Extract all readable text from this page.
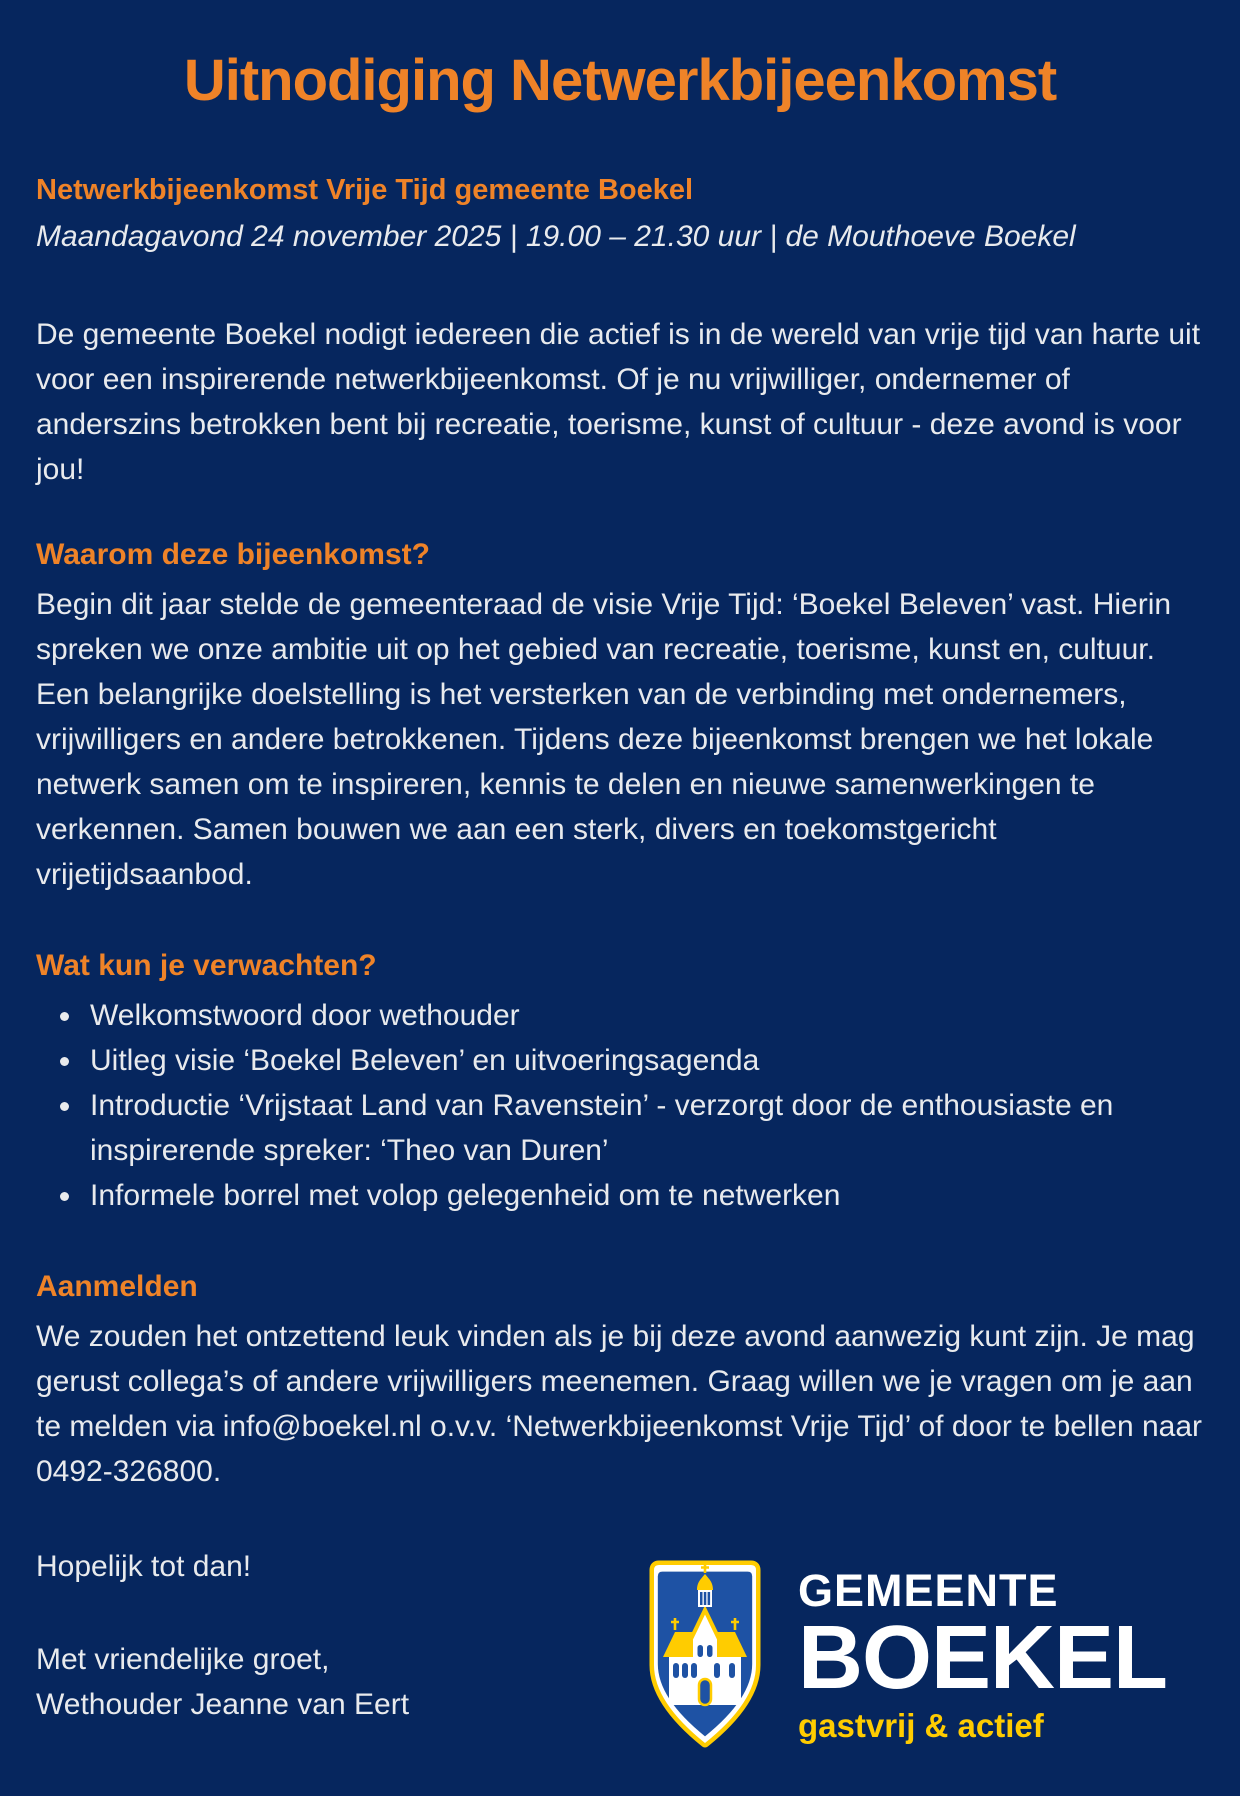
Uitnodiging Netwerkbijeenkomst
Netwerkbijeenkomst Vrije Tijd gemeente Boekel
Maandagavond 24 november 2025 | 19.00 – 21.30 uur | de Mouthoeve Boekel

De gemeente Boekel nodigt iedereen die actief is in de wereld van vrije tijd van harte uit voor een inspirerende netwerkbijeenkomst. Of je nu vrijwilliger, ondernemer of anderszins betrokken bent bij recreatie, toerisme, kunst of cultuur - deze avond is voor jou!

Waarom deze bijeenkomst?

Begin dit jaar stelde de gemeenteraad de visie Vrije Tijd: ‘Boekel Beleven’ vast. Hierin spreken we onze ambitie uit op het gebied van recreatie, toerisme, kunst en, cultuur. Een belangrijke doelstelling is het versterken van de verbinding met ondernemers, vrijwilligers en andere betrokkenen. Tijdens deze bijeenkomst brengen we het lokale netwerk samen om te inspireren, kennis te delen en nieuwe samenwerkingen te verkennen. Samen bouwen we aan een sterk, divers en toekomstgericht vrijetijdsaanbod.

Wat kun je verwachten?
• Welkomstwoord door wethouder
• Uitleg visie ‘Boekel Beleven’ en uitvoeringsagenda
• Introductie ‘Vrijstaat Land van Ravenstein’ - verzorgt door de enthousiaste en inspirerende spreker: ‘Theo van Duren’
• Informele borrel met volop gelegenheid om te netwerken
Aanmelden

We zouden het ontzettend leuk vinden als je bij deze avond aanwezig kunt zijn. Je mag gerust collega’s of andere vrijwilligers meenemen. Graag willen we je vragen om je aan te melden via info@boekel.nl o.v.v. ‘Netwerkbijeenkomst Vrije Tijd’ of door te bellen naar 0492-326800.

Hopelijk tot dan!

Met vriendelijke groet,

Wethouder Jeanne van Eert

GEMEENTE
BOEKEL
gastvrij & actief
